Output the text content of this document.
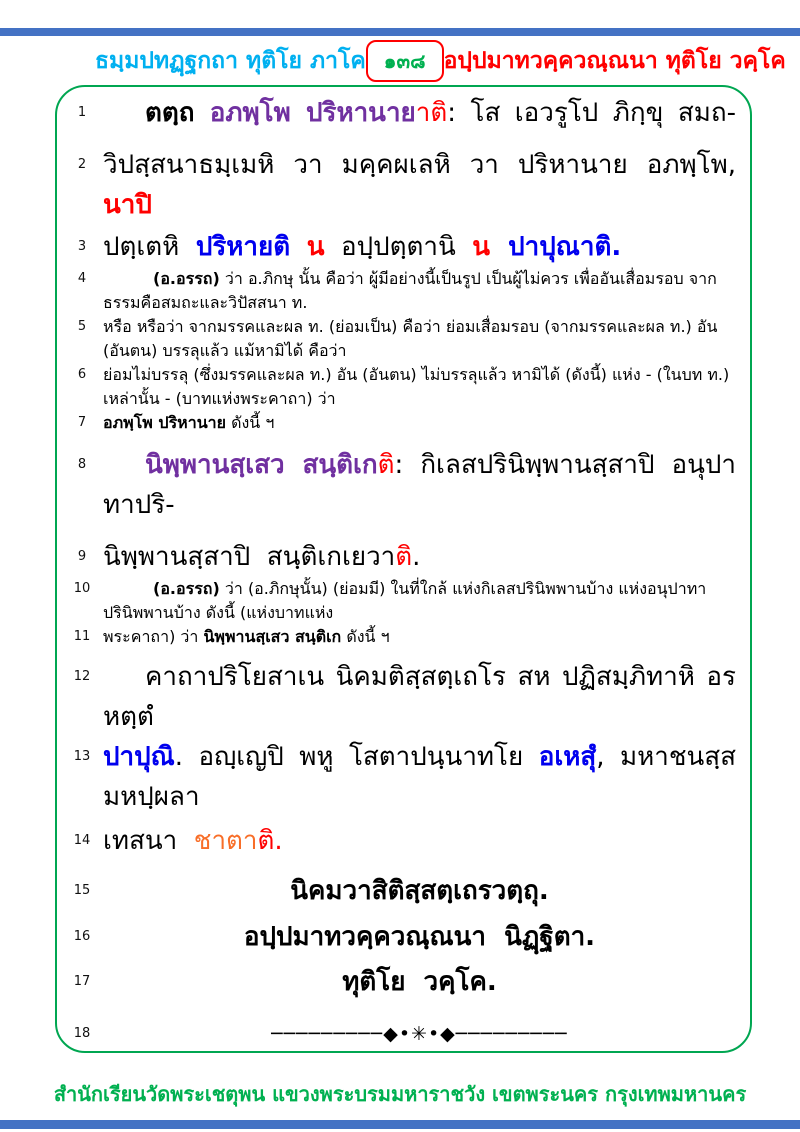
ธมฺมปทฏฺฐกถา ทุติโย ภาโค ๑๓๘ อปฺปมาทวคฺควณฺณนา ทุติโย วคฺโค
1	ตตฺถ อภพฺโพ ปริหานายาติ: โส เอวรูโป ภิกฺขุ สมถ-
2 วิปสฺสนาธมฺเมหิ วา มคฺคผเลหิ วา ปริหานาย อภพฺโพ, นาปิ
3 ปตฺเตหิ  ปริหายติ น  อปฺปตฺตานิ  น  ปาปุณาติ.
4	(อ.อรรถ) ว่า อ.ภิกษุ นั้น คือว่า ผู้มีอย่างนี้เป็นรูป เป็นผู้ไม่ควร เพื่ออันเสื่อมรอบ จากธรรมคือสมถะและวิปัสสนา ท.
5	หรือ หรือว่า จากมรรคและผล ท. (ย่อมเป็น) คือว่า ย่อมเสื่อมรอบ (จากมรรคและผล ท.) อัน (อันตน) บรรลุแล้ว แม้หามิได้ คือว่า
6	ย่อมไม่บรรลุ (ซึ่งมรรคและผล ท.) อัน (อันตน) ไม่บรรลุแล้ว หามิได้ (ดังนี้) แห่ง - (ในบท ท.) เหล่านั้น - (บาทแห่งพระคาถา) ว่า
7	อภพฺโพ ปริหานาย ดังนี้ ฯ
8	นิพฺพานสฺเสว สนฺติเกติ: กิเลสปรินิพฺพานสฺสาปิ อนุปาทาปริ-
9 นิพฺพานสฺสาปิ  สนฺติเกเยวาติ.
10	(อ.อรรถ) ว่า (อ.ภิกษุนั้น) (ย่อมมี) ในที่ใกล้ แห่งกิเลสปรินิพพานบ้าง แห่งอนุปาทาปรินิพพานบ้าง ดังนี้ (แห่งบาทแห่ง
11 พระคาถา) ว่า นิพฺพานสฺเสว สนฺติเก ดังนี้ ฯ
12	คาถาปริโยสาเน นิคมติสฺสตฺเถโร สห ปฏิสมฺภิทาหิ อรหตฺตํ
13 ปาปุณิ. อญฺเญปิ พหู โสตาปนฺนาทโย อเหสุํ, มหาชนสฺส มหปฺผลา
14 เทสนา  ชาตาติ.
15	นิคมวาสิติสฺสตฺเถรวตฺถุ.
16	อปฺปมาทวคฺควณฺณนา  นิฏฺฐิตา.
17	ทุติโย  วคฺโค.
18	─────────◆•✳•◆─────────
สำนักเรียนวัดพระเชตุพน แขวงพระบรมมหาราชวัง เขตพระนคร กรุงเทพมหานคร
